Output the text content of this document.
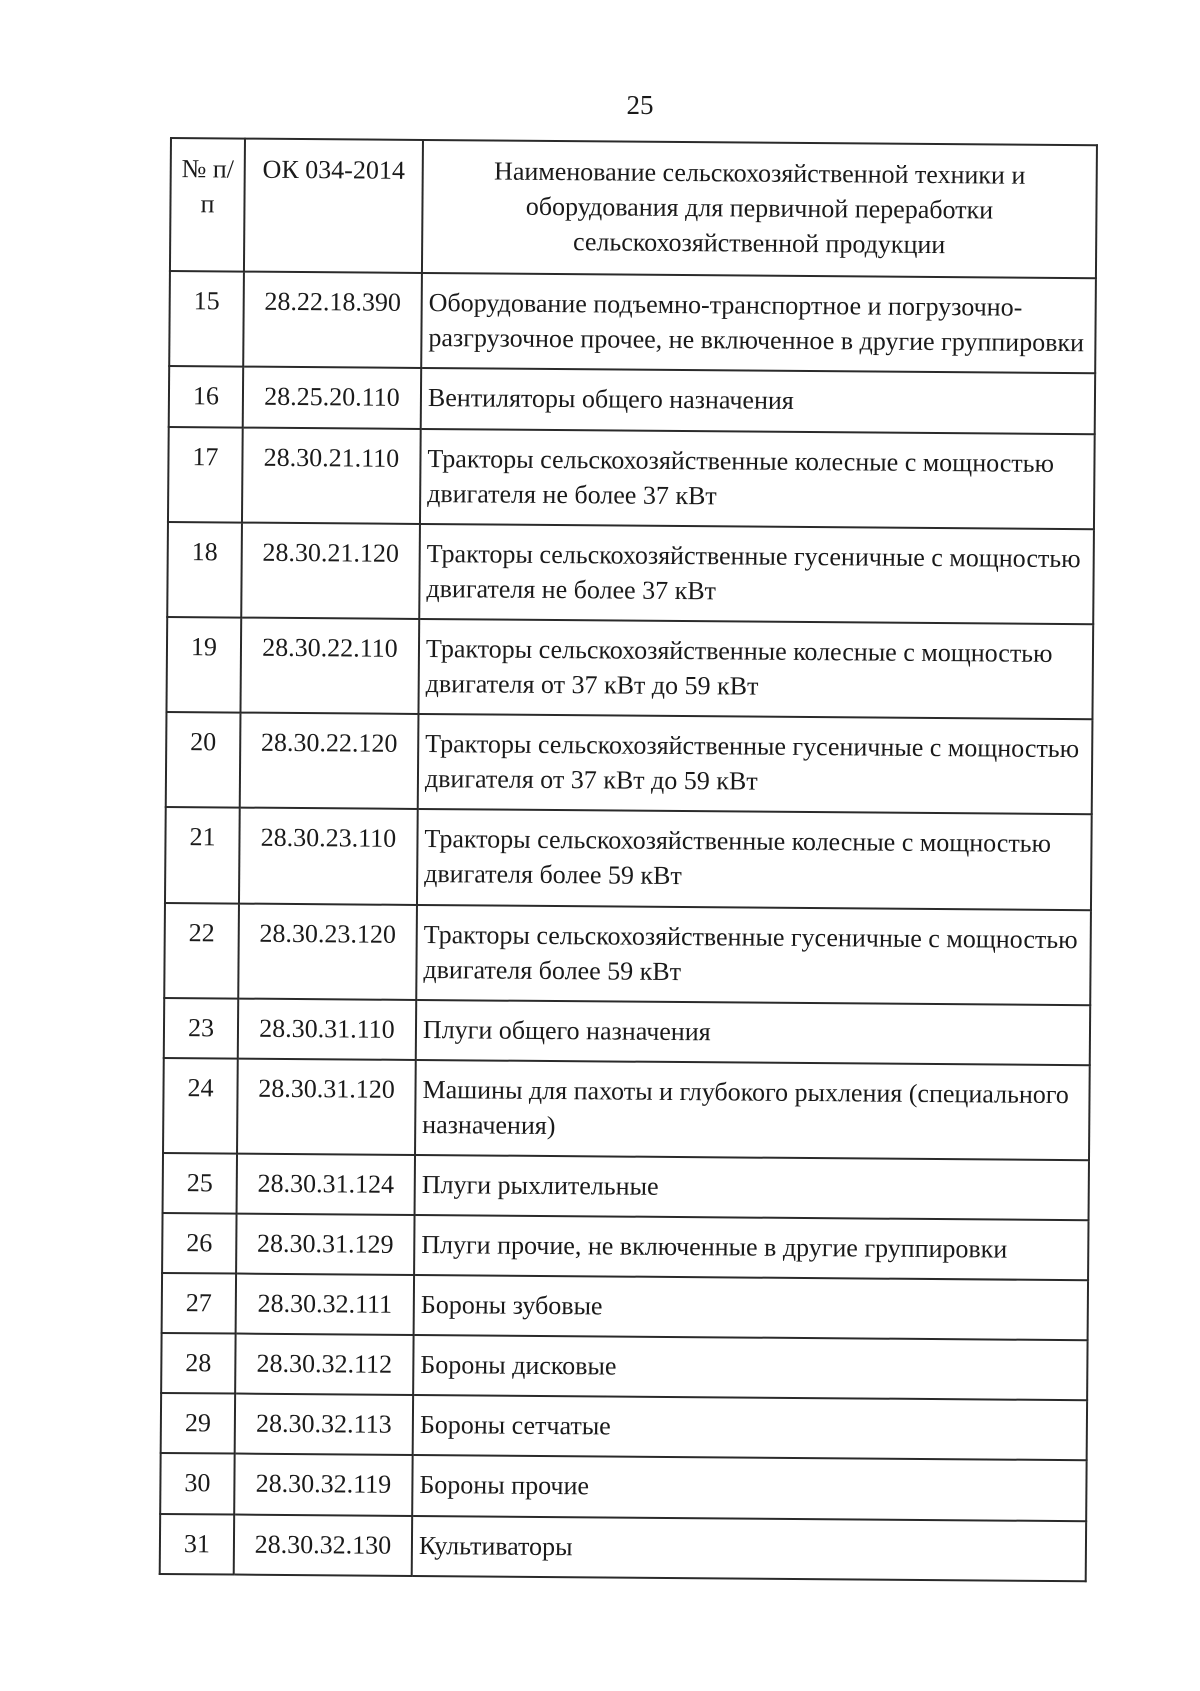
25
№ п/п	ОК 034-2014	Наименование сельскохозяйственной техники и оборудования для первичной переработки сельскохозяйственной продукции
15	28.22.18.390	Оборудование подъемно-транспортное и погрузочно-разгрузочное прочее, не включенное в другие группировки
16	28.25.20.110	Вентиляторы общего назначения
17	28.30.21.110	Тракторы сельскохозяйственные колесные с мощностью двигателя не более 37 кВт
18	28.30.21.120	Тракторы сельскохозяйственные гусеничные с мощностью двигателя не более 37 кВт
19	28.30.22.110	Тракторы сельскохозяйственные колесные с мощностью двигателя от 37 кВт до 59 кВт
20	28.30.22.120	Тракторы сельскохозяйственные гусеничные с мощностью двигателя от 37 кВт до 59 кВт
21	28.30.23.110	Тракторы сельскохозяйственные колесные с мощностью двигателя более 59 кВт
22	28.30.23.120	Тракторы сельскохозяйственные гусеничные с мощностью двигателя более 59 кВт
23	28.30.31.110	Плуги общего назначения
24	28.30.31.120	Машины для пахоты и глубокого рыхления (специального назначения)
25	28.30.31.124	Плуги рыхлительные
26	28.30.31.129	Плуги прочие, не включенные в другие группировки
27	28.30.32.111	Бороны зубовые
28	28.30.32.112	Бороны дисковые
29	28.30.32.113	Бороны сетчатые
30	28.30.32.119	Бороны прочие
31	28.30.32.130	Культиваторы
